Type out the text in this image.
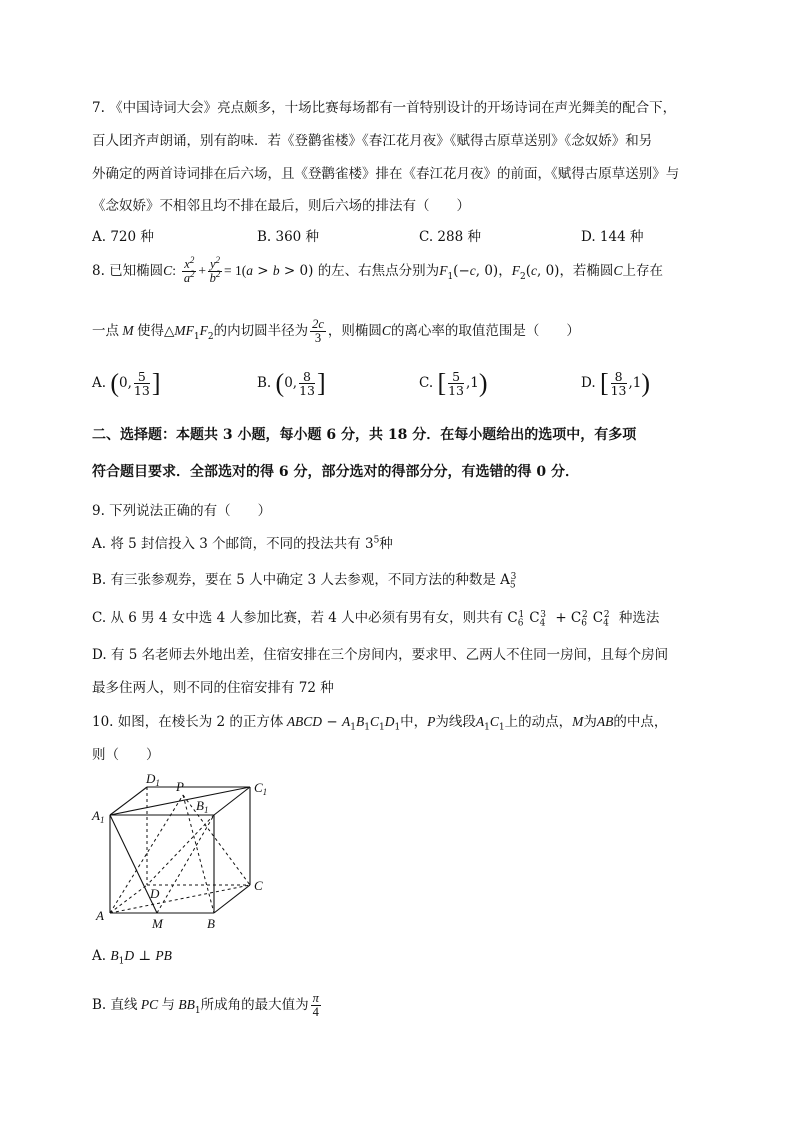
7. 《中国诗词大会》亮点颇多，十场比赛每场都有一首特别设计的开场诗词在声光舞美的配合下，
百人团齐声朗诵，别有韵味．若《登鹳雀楼》《春江花月夜》《赋得古原草送别》《念奴娇》和另
外确定的两首诗词排在后六场，且《登鹳雀楼》排在《春江花月夜》的前面，《赋得古原草送别》与
《念奴娇》不相邻且均不排在最后，则后六场的排法有（　　）
A. 720 种	B. 360 种	C. 288 种	D. 144 种
8. 已知椭圆C: $\frac{x^2}{a^2} + \frac{y^2}{b^2} = 1(a > b > 0)$ 的左、右焦点分别为$F_1(-c$, 0)，$F_2(c$, 0)，若椭圆C上存在
一点 M 使得$\triangle MF_1F_2$的内切圆半径为 $\frac{2c}{3}$ ，则椭圆C的离心率的取值范围是（　　）
A. (0, $\frac{5}{13}$ ]	B. (0, $\frac{8}{13}$ ]	C. [ $\frac{5}{13} ,1$)	D. [ $\frac{8}{13} ,1$)
二、选择题：本题共 3 小题，每小题 6 分，共 18 分．在每小题给出的选项中，有多项
符合题目要求．全部选对的得 6 分，部分选对的得部分分，有选错的得 0 分．
9. 下列说法正确的有（　　）
A. 将 5 封信投入 3 个邮筒，不同的投法共有 $3^5$种
B. 有三张参观券，要在 5 人中确定 3 人去参观，不同方法的种数是 $A_5^3$
C. 从 6 男 4 女中选 4 人参加比赛，若 4 人中必须有男有女，则共有 $C_6^1$ $C_4^3 + C_6^2$ $C_4^2$ 种选法
D. 有 5 名老师去外地出差，住宿安排在三个房间内，要求甲、乙两人不住同一房间，且每个房间
最多住两人，则不同的住宿安排有 72 种
10. 如图，在棱长为 2 的正方体 ABCD − $A_1B_1C_1D_1$中，P为线段$A_1C_1$上的动点，M为AB的中点，
则（　　）
$D_1$ P
$B_1$
$C_1$
$A_1$
D
C
A
M	B
A. $B_1D$ ⊥ PB
B. 直线 PC 与 $BB_1$所成角的最大值为 $\frac{\pi}{4}$
